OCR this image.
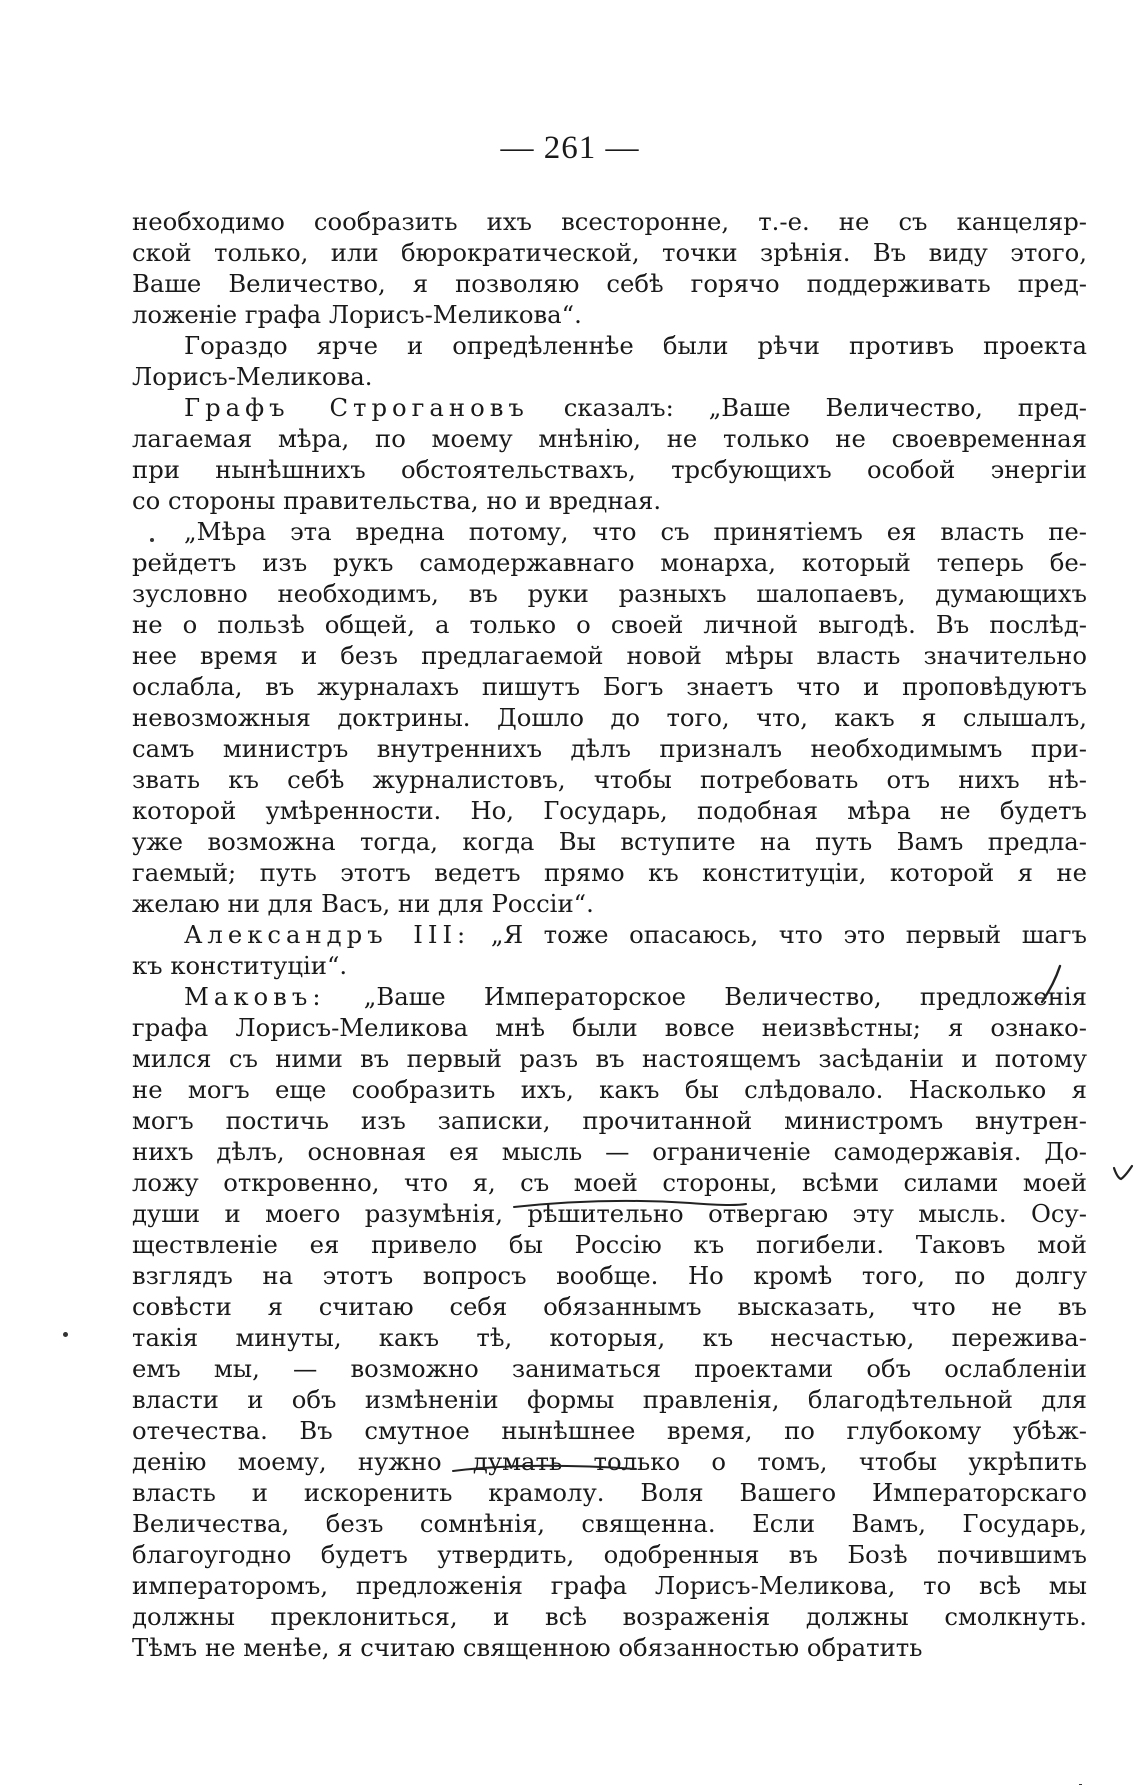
— 261 —
необходимо сообразить ихъ всесторонне, т.-е. не съ канцеляр-
ской только, или бюрократической, точки зрѣнія. Въ виду этого,
Ваше Величество, я позволяю себѣ горячо поддерживать пред-
ложеніе графа Лорисъ-Меликова“.
Гораздо ярче и опредѣленнѣе были рѣчи противъ проекта
Лорисъ-Меликова.
Графъ Строгановъ сказалъ: „Ваше Величество, пред-
лагаемая мѣра, по моему мнѣнію, не только не своевременная
при нынѣшнихъ обстоятельствахъ, трсбующихъ особой энергіи
со стороны правительства, но и вредная.
„Мѣра эта вредна потому, что съ принятіемъ ея власть пе-
рейдетъ изъ рукъ самодержавнаго монарха, который теперь бе-
зусловно необходимъ, въ руки разныхъ шалопаевъ, думающихъ
не о пользѣ общей, а только о своей личной выгодѣ. Въ послѣд-
нее время и безъ предлагаемой новой мѣры власть значительно
ослабла, въ журналахъ пишутъ Богъ знаетъ что и проповѣдуютъ
невозможныя доктрины. Дошло до того, что, какъ я слышалъ,
самъ министръ внутреннихъ дѣлъ призналъ необходимымъ при-
звать къ себѣ журналистовъ, чтобы потребовать отъ нихъ нѣ-
которой умѣренности. Но, Государь, подобная мѣра не будетъ
уже возможна тогда, когда Вы вступите на путь Вамъ предла-
гаемый; путь этотъ ведетъ прямо къ конституціи, которой я не
желаю ни для Васъ, ни для Россіи“.
Александръ III: „Я тоже опасаюсь, что это первый шагъ
къ конституціи“.
Маковъ: „Ваше Императорское Величество, предложенія
графа Лорисъ-Меликова мнѣ были вовсе неизвѣстны; я ознако-
мился съ ними въ первый разъ въ настоящемъ засѣданіи и потому
не могъ еще сообразить ихъ, какъ бы слѣдовало. Насколько я
могъ постичь изъ записки, прочитанной министромъ внутрен-
нихъ дѣлъ, основная ея мысль — ограниченіе самодержавія. До-
ложу откровенно, что я, съ моей стороны, всѣми силами моей
души и моего разумѣнія, рѣшительно отвергаю эту мысль. Осу-
ществленіе ея привело бы Россію къ погибели. Таковъ мой
взглядъ на этотъ вопросъ вообще. Но кромѣ того, по долгу
совѣсти я считаю себя обязаннымъ высказать, что не въ
такія минуты, какъ тѣ, которыя, къ несчастью, пережива-
емъ мы, — возможно заниматься проектами объ ослабленіи
власти и объ измѣненіи формы правленія, благодѣтельной для
отечества. Въ смутное нынѣшнее время, по глубокому убѣж-
денію моему, нужно думать только о томъ, чтобы укрѣпить
власть и искоренить крамолу. Воля Вашего Императорскаго
Величества, безъ сомнѣнія, священна. Если Вамъ, Государь,
благоугодно будетъ утвердить, одобренныя въ Бозѣ почившимъ
императоромъ, предложенія графа Лорисъ-Меликова, то всѣ мы
должны преклониться, и всѣ возраженія должны смолкнуть.
Тѣмъ не менѣе, я считаю священною обязанностью обратить
